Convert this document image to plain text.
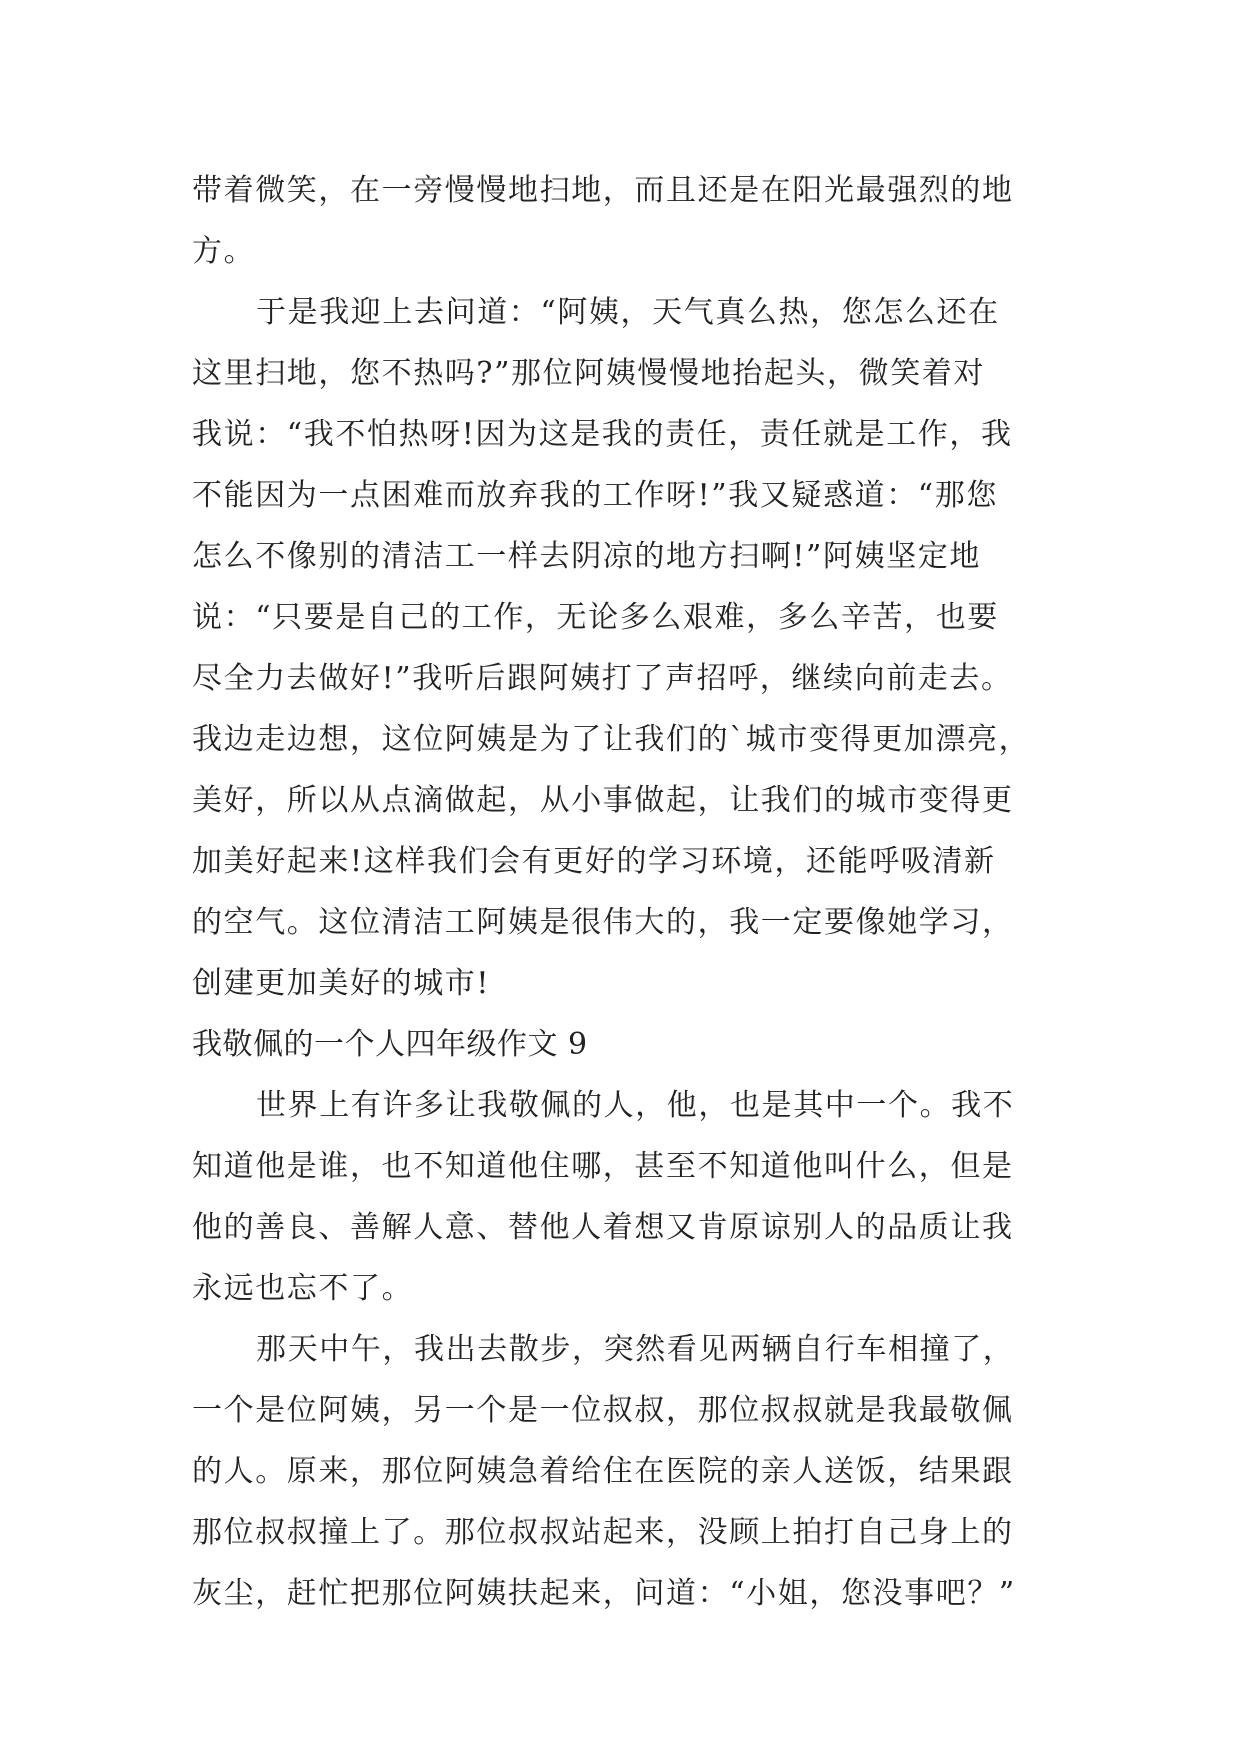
带着微笑，在一旁慢慢地扫地，而且还是在阳光最强烈的地
方。
于是我迎上去问道：“阿姨，天气真么热，您怎么还在
这里扫地，您不热吗?”那位阿姨慢慢地抬起头，微笑着对
我说：“我不怕热呀!因为这是我的责任，责任就是工作，我
不能因为一点困难而放弃我的工作呀!”我又疑惑道：“那您
怎么不像别的清洁工一样去阴凉的地方扫啊!”阿姨坚定地
说：“只要是自己的工作，无论多么艰难，多么辛苦，也要
尽全力去做好!”我听后跟阿姨打了声招呼，继续向前走去。
我边走边想，这位阿姨是为了让我们的`城市变得更加漂亮，
美好，所以从点滴做起，从小事做起，让我们的城市变得更
加美好起来!这样我们会有更好的学习环境，还能呼吸清新
的空气。这位清洁工阿姨是很伟大的，我一定要像她学习，
创建更加美好的城市!
我敬佩的一个人四年级作文 9
世界上有许多让我敬佩的人，他，也是其中一个。我不
知道他是谁，也不知道他住哪，甚至不知道他叫什么，但是
他的善良、善解人意、替他人着想又肯原谅别人的品质让我
永远也忘不了。
那天中午，我出去散步，突然看见两辆自行车相撞了，
一个是位阿姨，另一个是一位叔叔，那位叔叔就是我最敬佩
的人。原来，那位阿姨急着给住在医院的亲人送饭，结果跟
那位叔叔撞上了。那位叔叔站起来，没顾上拍打自己身上的
灰尘，赶忙把那位阿姨扶起来，问道：“小姐，您没事吧？”
